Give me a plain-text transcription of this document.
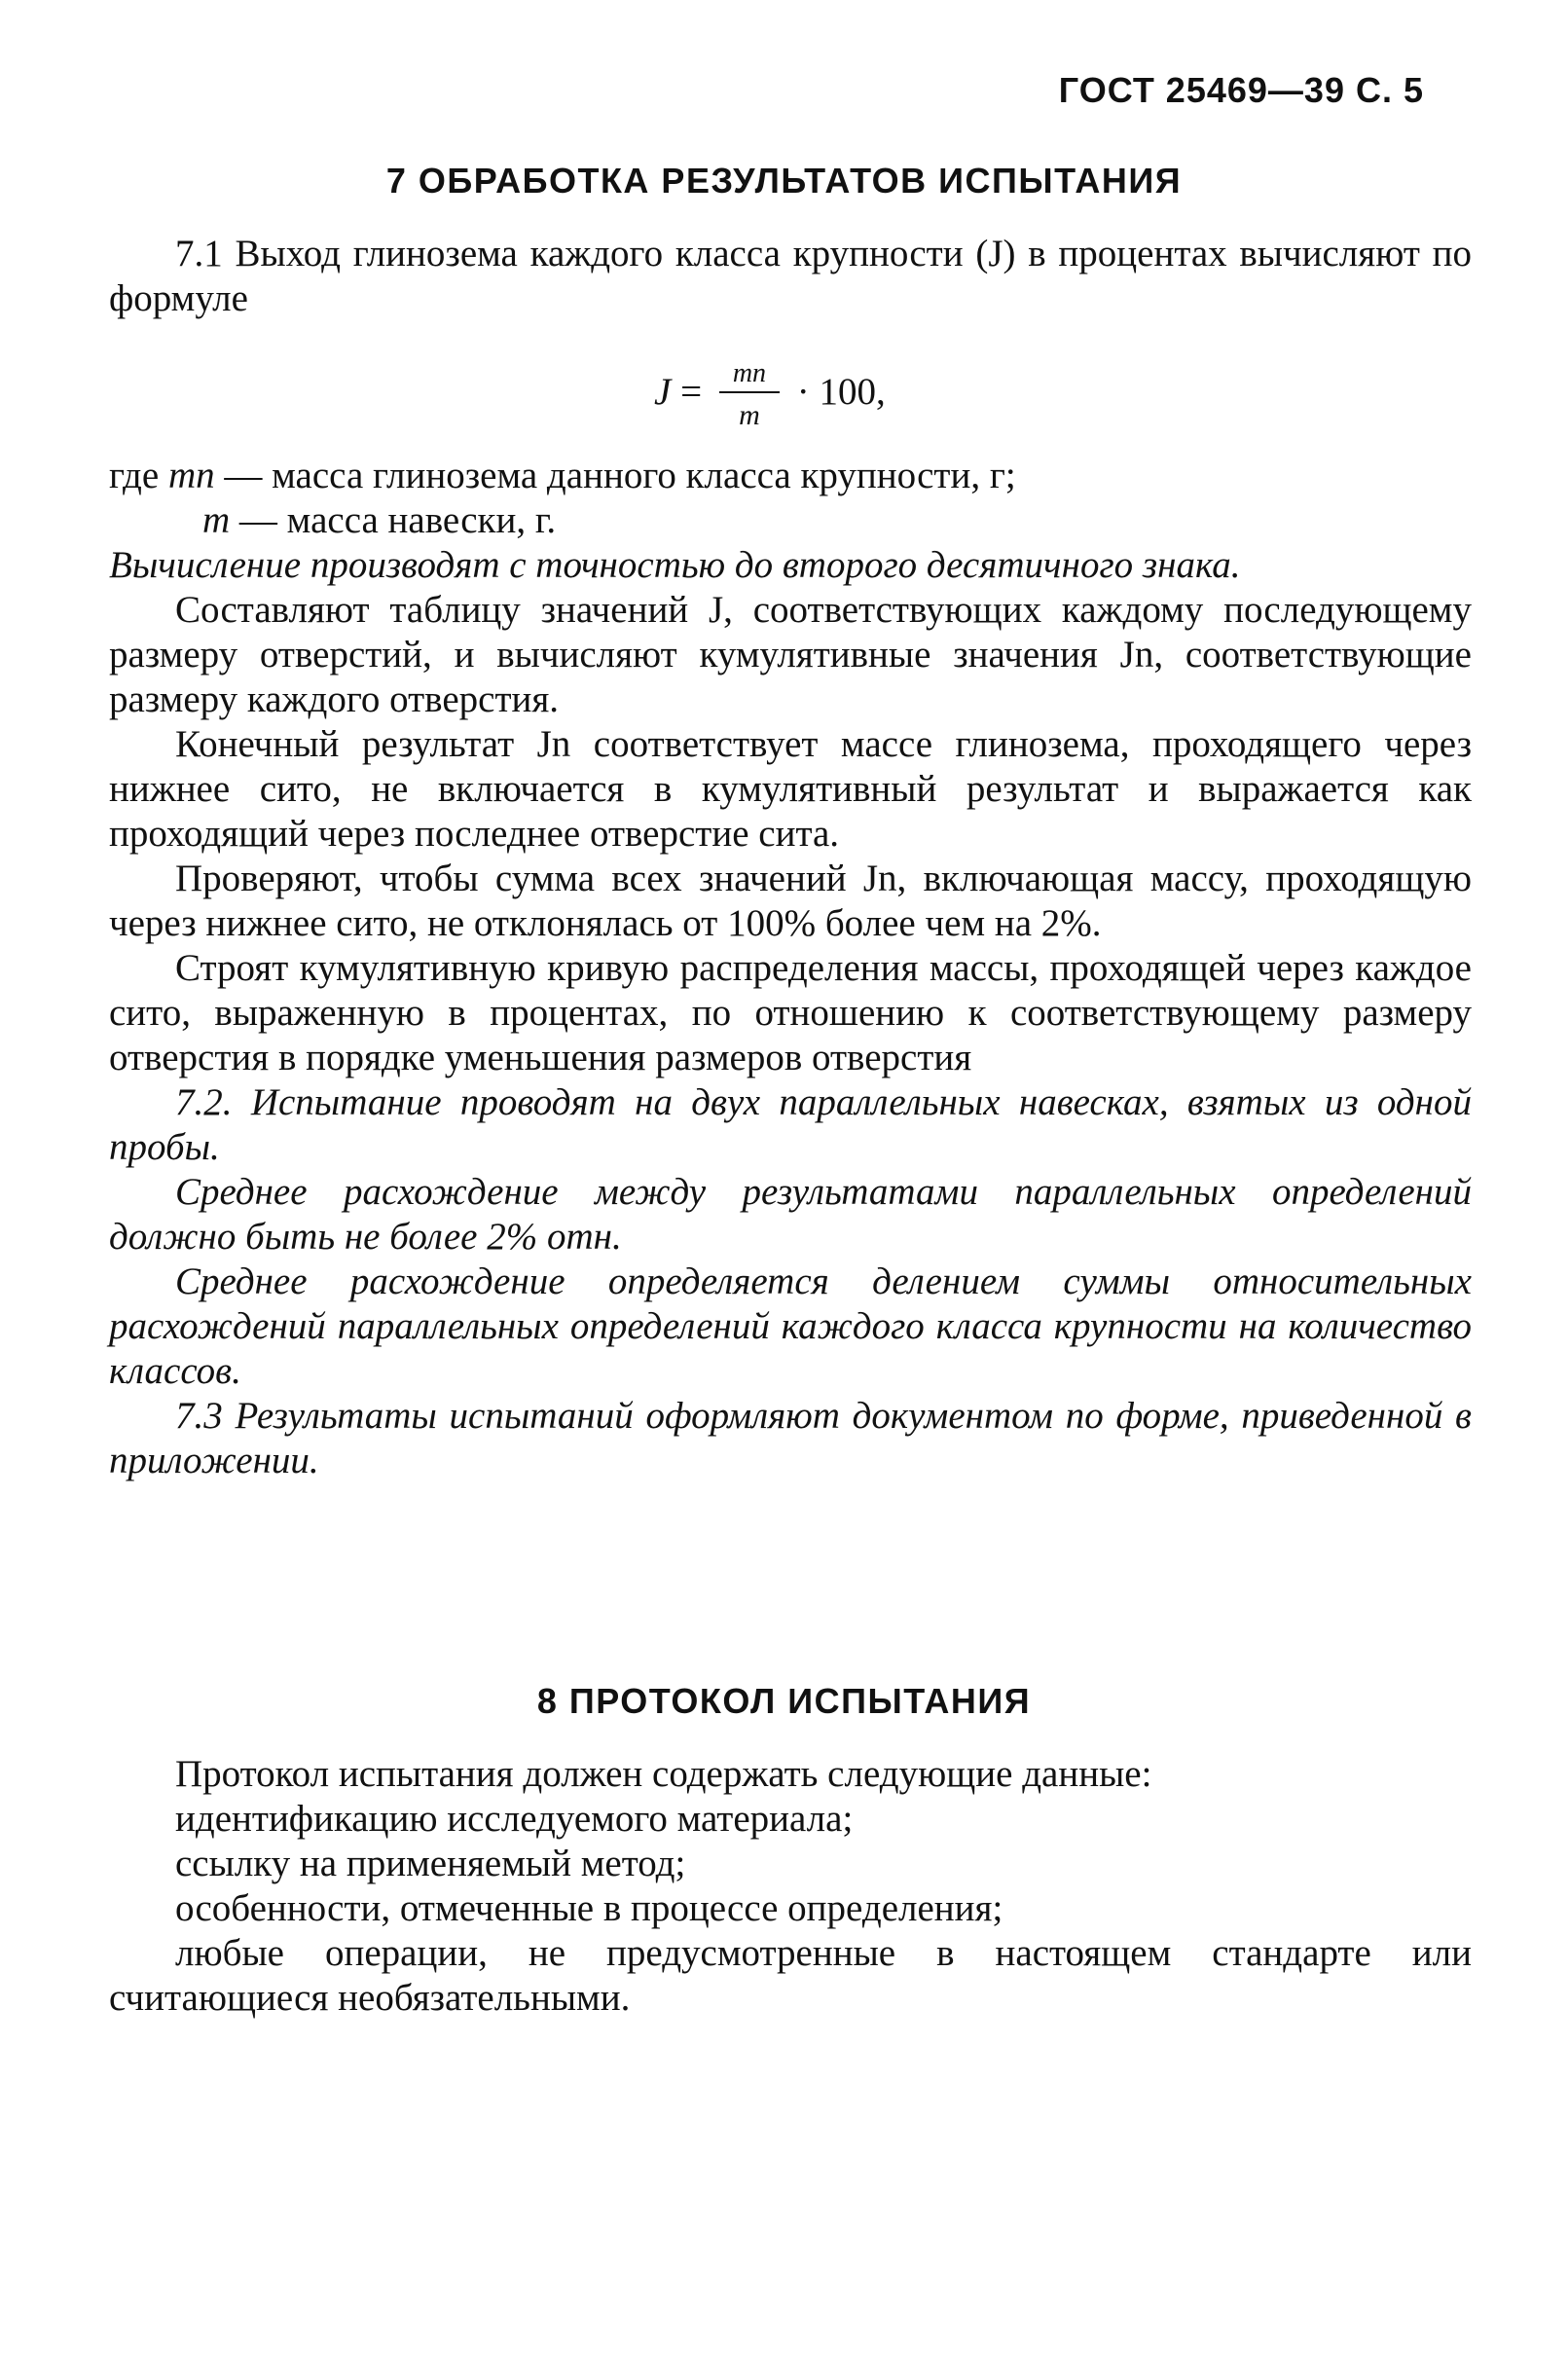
ГОСТ 25469—39 С. 5
7 ОБРАБОТКА РЕЗУЛЬТАТОВ ИСПЫТАНИЯ

7.1 Выход глинозема каждого класса крупности (J) в процентах вычисляют по формуле

$J = \frac{mn}{m} \cdot 100$,
где mn — масса глинозема данного класса крупности, г;
m — масса навески, г.

Вычисление производят с точностью до второго десятичного знака.

Составляют таблицу значений J, соответствующих каждому последующему размеру отверстий, и вычисляют кумулятивные значения Jn, соответствующие размеру каждого отверстия.

Конечный результат Jn соответствует массе глинозема, проходящего через нижнее сито, не включается в кумулятивный результат и выражается как проходящий через последнее отверстие сита.

Проверяют, чтобы сумма всех значений Jn, включающая массу, проходящую через нижнее сито, не отклонялась от 100% более чем на 2%.

Строят кумулятивную кривую распределения массы, проходящей через каждое сито, выраженную в процентах, по отношению к соответствующему размеру отверстия в порядке уменьшения размеров отверстия

7.2. Испытание проводят на двух параллельных навесках, взятых из одной пробы.

Среднее расхождение между результатами параллельных определений должно быть не более 2% отн.

Среднее расхождение определяется делением суммы относительных расхождений параллельных определений каждого класса крупности на количество классов.

7.3 Результаты испытаний оформляют документом по форме, приведенной в приложении.

8 ПРОТОКОЛ ИСПЫТАНИЯ

Протокол испытания должен содержать следующие данные:

идентификацию исследуемого материала;

ссылку на применяемый метод;

особенности, отмеченные в процессе определения;

любые операции, не предусмотренные в настоящем стандарте или считающиеся необязательными.
